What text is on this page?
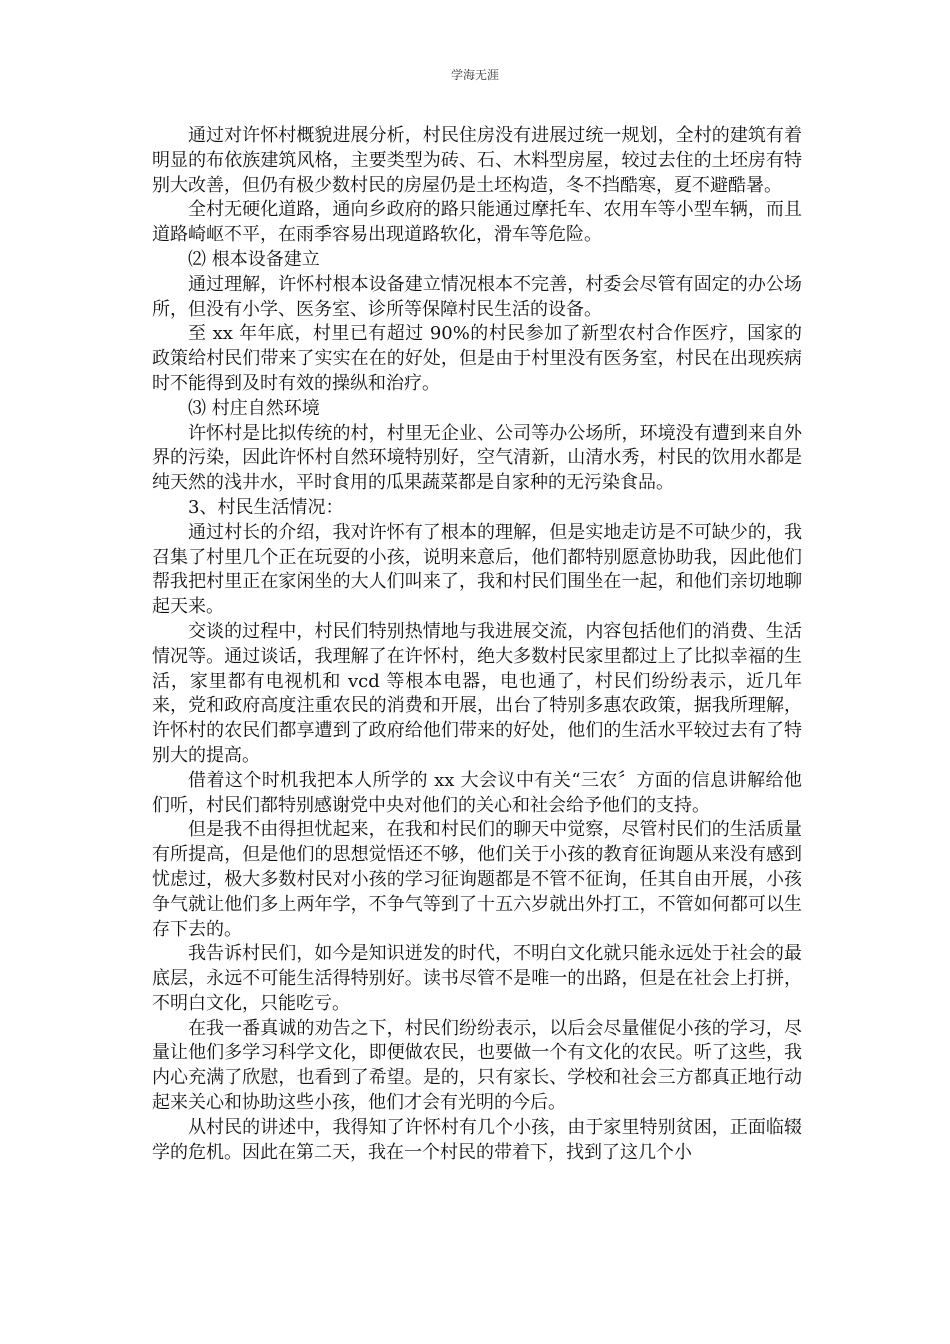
学海无涯

通过对许怀村概貌进展分析，村民住房没有进展过统一规划，全村的建筑有着明显的布依族建筑风格，主要类型为砖、石、木料型房屋，较过去住的土坯房有特别大改善，但仍有极少数村民的房屋仍是土坯构造，冬不挡酷寒，夏不避酷暑。

全村无硬化道路，通向乡政府的路只能通过摩托车、农用车等小型车辆，而且道路崎岖不平，在雨季容易出现道路软化，滑车等危险。

⑵ 根本设备建立

通过理解，许怀村根本设备建立情况根本不完善，村委会尽管有固定的办公场所，但没有小学、医务室、诊所等保障村民生活的设备。

至 xx 年年底，村里已有超过 90%的村民参加了新型农村合作医疗，国家的政策给村民们带来了实实在在的好处，但是由于村里没有医务室，村民在出现疾病时不能得到及时有效的操纵和治疗。

⑶ 村庄自然环境

许怀村是比拟传统的村，村里无企业、公司等办公场所，环境没有遭到来自外界的污染，因此许怀村自然环境特别好，空气清新，山清水秀，村民的饮用水都是纯天然的浅井水，平时食用的瓜果蔬菜都是自家种的无污染食品。

3、村民生活情况：

通过村长的介绍，我对许怀有了根本的理解，但是实地走访是不可缺少的，我召集了村里几个正在玩耍的小孩，说明来意后，他们都特别愿意协助我，因此他们帮我把村里正在家闲坐的大人们叫来了，我和村民们围坐在一起，和他们亲切地聊起天来。

交谈的过程中，村民们特别热情地与我进展交流，内容包括他们的消费、生活情况等。通过谈话，我理解了在许怀村，绝大多数村民家里都过上了比拟幸福的生活，家里都有电视机和 vcd 等根本电器，电也通了，村民们纷纷表示，近几年来，党和政府高度注重农民的消费和开展，出台了特别多惠农政策，据我所理解，许怀村的农民们都享遭到了政府给他们带来的好处，他们的生活水平较过去有了特别大的提高。

借着这个时机我把本人所学的 xx 大会议中有关“三农〞方面的信息讲解给他们听，村民们都特别感谢党中央对他们的关心和社会给予他们的支持。

但是我不由得担忧起来，在我和村民们的聊天中觉察，尽管村民们的生活质量有所提高，但是他们的思想觉悟还不够，他们关于小孩的教育征询题从来没有感到忧虑过，极大多数村民对小孩的学习征询题都是不管不征询，任其自由开展，小孩争气就让他们多上两年学，不争气等到了十五六岁就出外打工，不管如何都可以生存下去的。

我告诉村民们，如今是知识迸发的时代，不明白文化就只能永远处于社会的最底层，永远不可能生活得特别好。读书尽管不是唯一的出路，但是在社会上打拼，不明白文化，只能吃亏。

在我一番真诚的劝告之下，村民们纷纷表示，以后会尽量催促小孩的学习，尽量让他们多学习科学文化，即便做农民，也要做一个有文化的农民。听了这些，我内心充满了欣慰，也看到了希望。是的，只有家长、学校和社会三方都真正地行动起来关心和协助这些小孩，他们才会有光明的今后。

从村民的讲述中，我得知了许怀村有几个小孩，由于家里特别贫困，正面临辍学的危机。因此在第二天，我在一个村民的带着下，找到了这几个小
